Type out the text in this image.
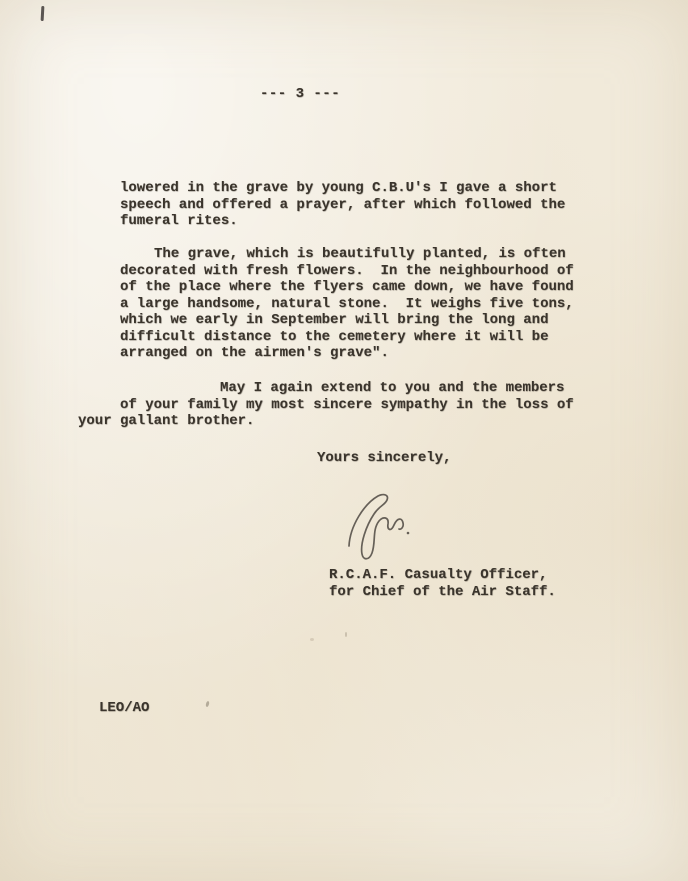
--- 3 ---
lowered in the grave by young C.B.U's I gave a short
speech and offered a prayer, after which followed the
fumeral rites.
The grave, which is beautifully planted, is often
decorated with fresh flowers.  In the neighbourhood of
of the place where the flyers came down, we have found
a large handsome, natural stone.  It weighs five tons,
which we early in September will bring the long and
difficult distance to the cemetery where it will be
arranged on the airmen's grave".
May I again extend to you and the members
of your family my most sincere sympathy in the loss of
your gallant brother.
Yours sincerely,
R.C.A.F. Casualty Officer,
for Chief of the Air Staff.
LEO/AO
